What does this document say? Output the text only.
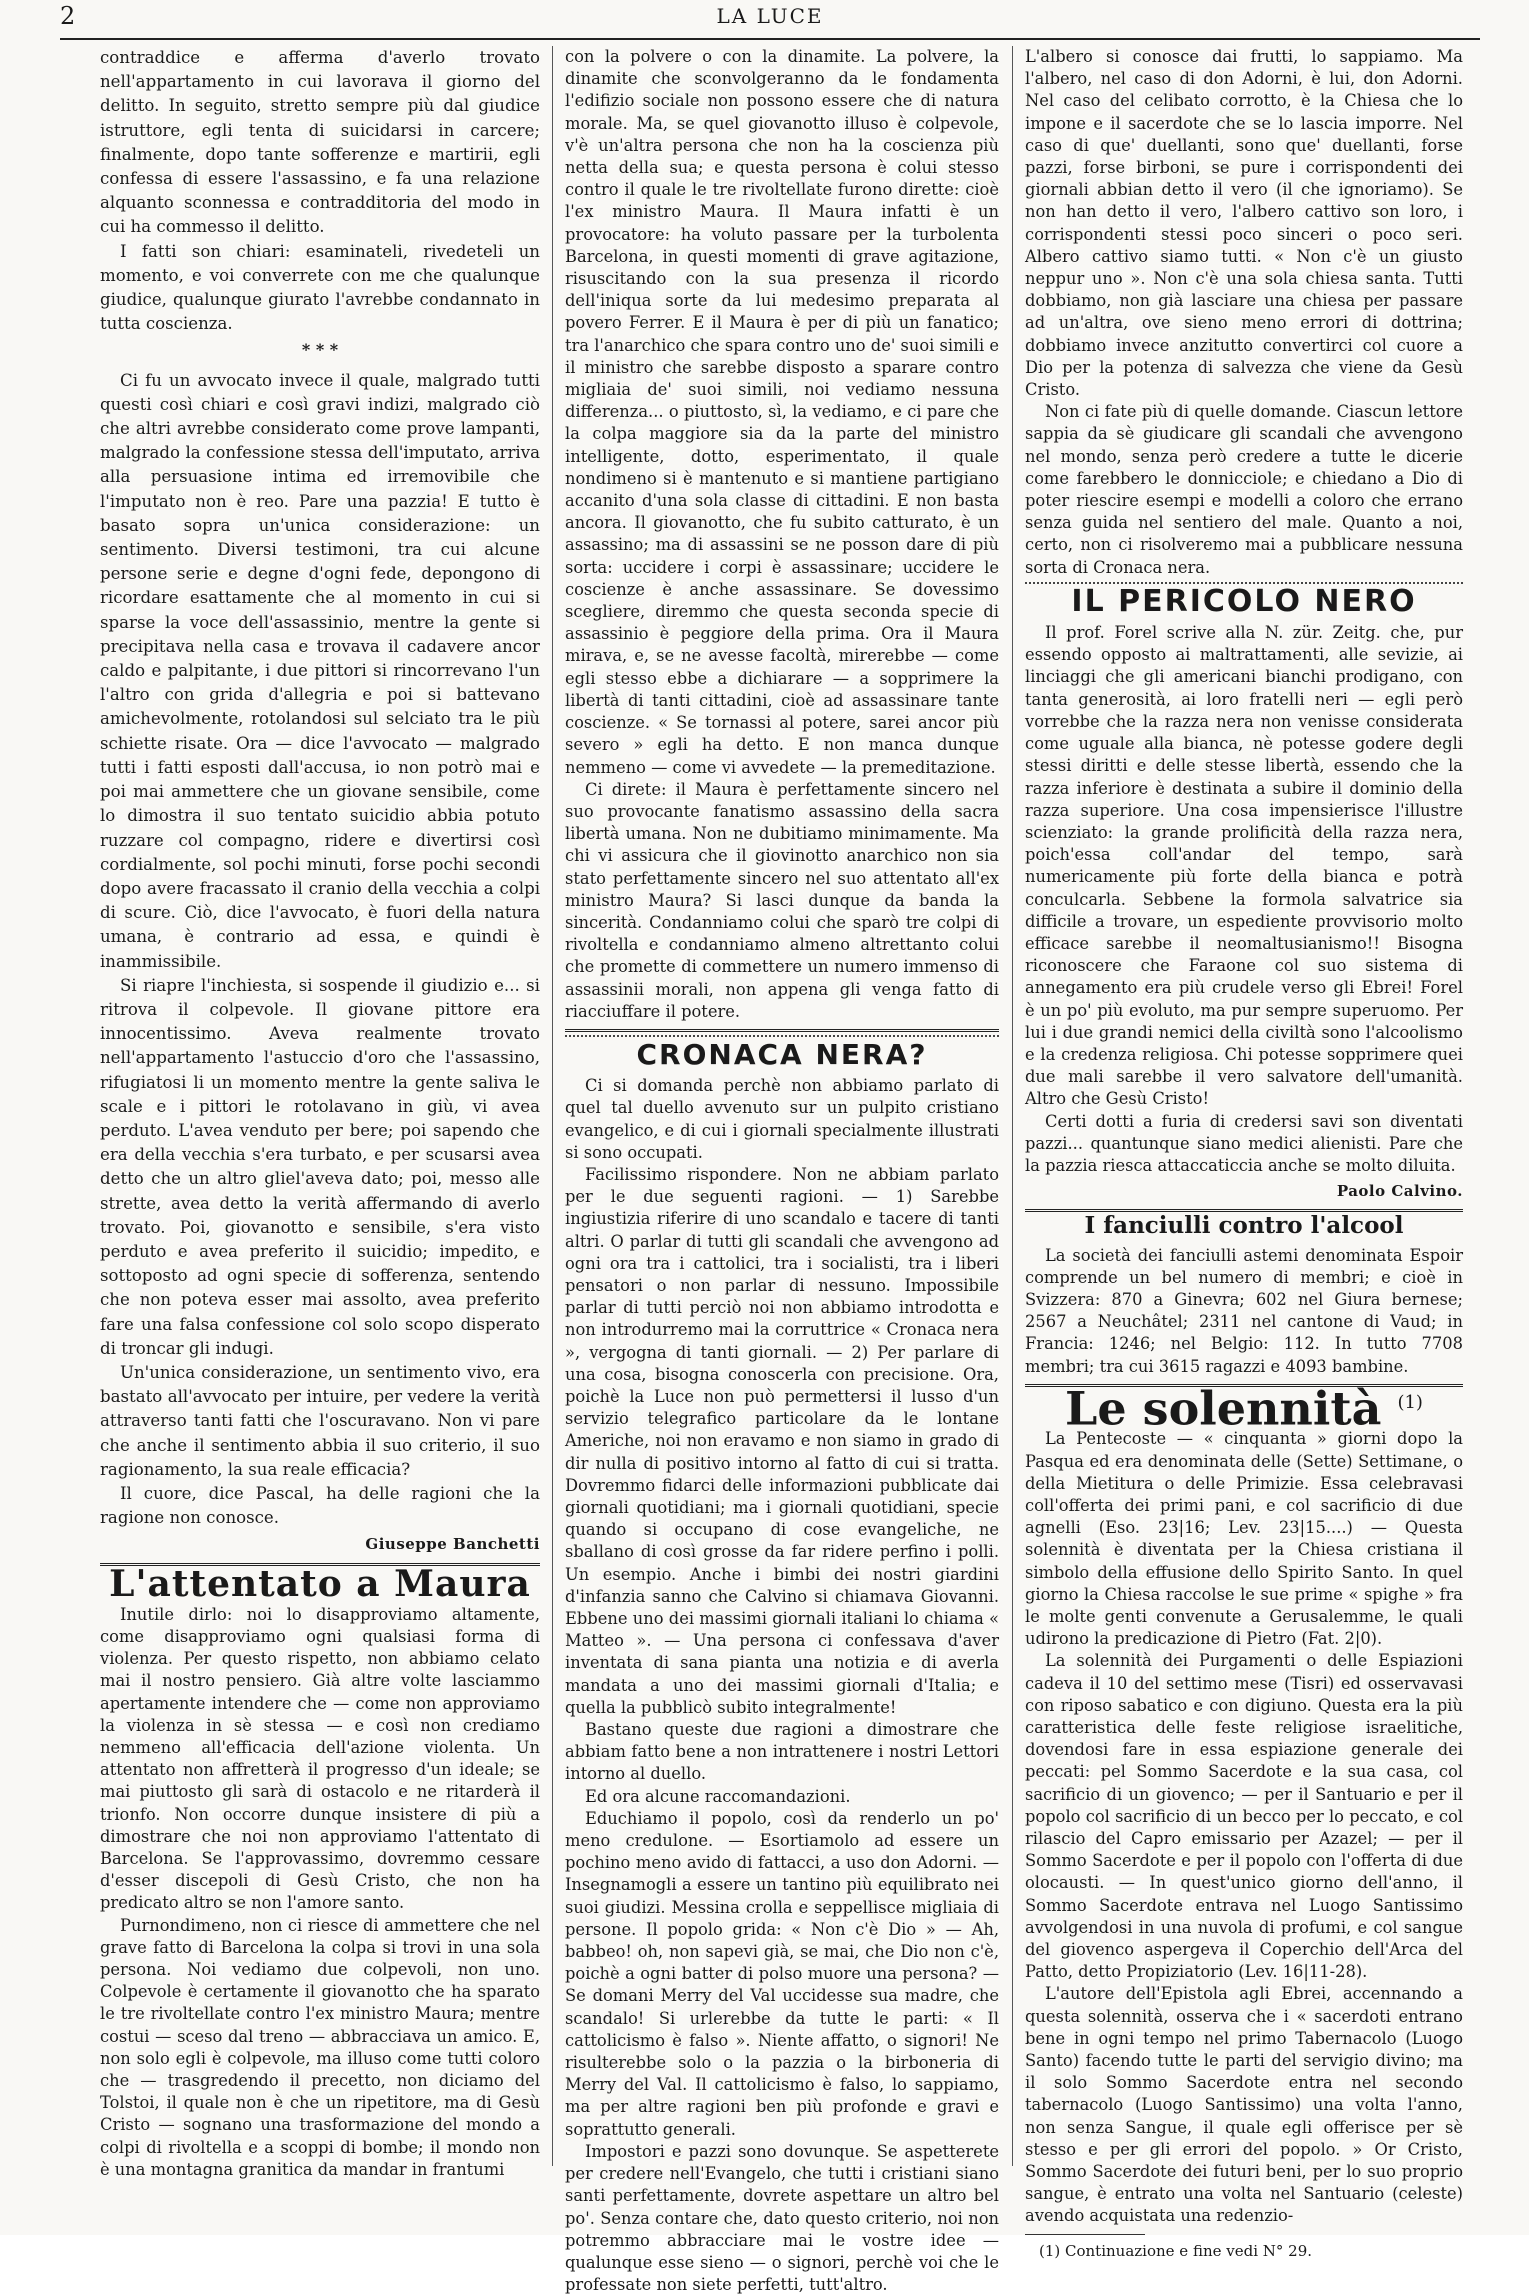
2	LA LUCE

contraddice e afferma d'averlo trovato nell'appartamento in cui lavorava il giorno del delitto. In seguito, stretto sempre più dal giudice istruttore, egli tenta di suicidarsi in carcere; finalmente, dopo tante sofferenze e martirii, egli confessa di essere l'assassino, e fa una relazione alquanto sconnessa e contradditoria del modo in cui ha commesso il delitto.

I fatti son chiari: esaminateli, rivedeteli un momento, e voi converrete con me che qualunque giudice, qualunque giurato l'avrebbe condannato in tutta coscienza.

* * *

Ci fu un avvocato invece il quale, malgrado tutti questi così chiari e così gravi indizi, malgrado ciò che altri avrebbe considerato come prove lampanti, malgrado la confessione stessa dell'imputato, arriva alla persuasione intima ed irremovibile che l'imputato non è reo. Pare una pazzia! E tutto è basato sopra un'unica considerazione: un sentimento. Diversi testimoni, tra cui alcune persone serie e degne d'ogni fede, depongono di ricordare esattamente che al momento in cui si sparse la voce dell'assassinio, mentre la gente si precipitava nella casa e trovava il cadavere ancor caldo e palpitante, i due pittori si rincorrevano l'un l'altro con grida d'allegria e poi si battevano amichevolmente, rotolandosi sul selciato tra le più schiette risate. Ora — dice l'avvocato — malgrado tutti i fatti esposti dall'accusa, io non potrò mai e poi mai ammettere che un giovane sensibile, come lo dimostra il suo tentato suicidio abbia potuto ruzzare col compagno, ridere e divertirsi così cordialmente, sol pochi minuti, forse pochi secondi dopo avere fracassato il cranio della vecchia a colpi di scure. Ciò, dice l'avvocato, è fuori della natura umana, è contrario ad essa, e quindi è inammissibile.

Si riapre l'inchiesta, si sospende il giudizio e... si ritrova il colpevole. Il giovane pittore era innocentissimo. Aveva realmente trovato nell'appartamento l'astuccio d'oro che l'assassino, rifugiatosi li un momento mentre la gente saliva le scale e i pittori le rotolavano in giù, vi avea perduto. L'avea venduto per bere; poi sapendo che era della vecchia s'era turbato, e per scusarsi avea detto che un altro gliel'aveva dato; poi, messo alle strette, avea detto la verità affermando di averlo trovato. Poi, giovanotto e sensibile, s'era visto perduto e avea preferito il suicidio; impedito, e sottoposto ad ogni specie di sofferenza, sentendo che non poteva esser mai assolto, avea preferito fare una falsa confessione col solo scopo disperato di troncar gli indugi.

Un'unica considerazione, un sentimento vivo, era bastato all'avvocato per intuire, per vedere la verità attraverso tanti fatti che l'oscuravano. Non vi pare che anche il sentimento abbia il suo criterio, il suo ragionamento, la sua reale efficacia?

Il cuore, dice Pascal, ha delle ragioni che la ragione non conosce.

Giuseppe Banchetti
L'attentato a Maura

Inutile dirlo: noi lo disapproviamo altamente, come disapproviamo ogni qualsiasi forma di violenza. Per questo rispetto, non abbiamo celato mai il nostro pensiero. Già altre volte lasciammo apertamente intendere che — come non approviamo la violenza in sè stessa — e così non crediamo nemmeno all'efficacia dell'azione violenta. Un attentato non affretterà il progresso d'un ideale; se mai piuttosto gli sarà di ostacolo e ne ritarderà il trionfo. Non occorre dunque insistere di più a dimostrare che noi non approviamo l'attentato di Barcelona. Se l'approvassimo, dovremmo cessare d'esser discepoli di Gesù Cristo, che non ha predicato altro se non l'amore santo.

Purnondimeno, non ci riesce di ammettere che nel grave fatto di Barcelona la colpa si trovi in una sola persona. Noi vediamo due colpevoli, non uno. Colpevole è certamente il giovanotto che ha sparato le tre rivoltellate contro l'ex ministro Maura; mentre costui — sceso dal treno — abbracciava un amico. E, non solo egli è colpevole, ma illuso come tutti coloro che — trasgredendo il precetto, non diciamo del Tolstoi, il quale non è che un ripetitore, ma di Gesù Cristo — sognano una trasformazione del mondo a colpi di rivoltella e a scoppi di bombe; il mondo non è una montagna granitica da mandar in frantumi

con la polvere o con la dinamite. La polvere, la dinamite che sconvolgeranno da le fondamenta l'edifizio sociale non possono essere che di natura morale. Ma, se quel giovanotto illuso è colpevole, v'è un'altra persona che non ha la coscienza più netta della sua; e questa persona è colui stesso contro il quale le tre rivoltellate furono dirette: cioè l'ex ministro Maura. Il Maura infatti è un provocatore: ha voluto passare per la turbolenta Barcelona, in questi momenti di grave agitazione, risuscitando con la sua presenza il ricordo dell'iniqua sorte da lui medesimo preparata al povero Ferrer. E il Maura è per di più un fanatico; tra l'anarchico che spara contro uno de' suoi simili e il ministro che sarebbe disposto a sparare contro migliaia de' suoi simili, noi vediamo nessuna differenza... o piuttosto, sì, la vediamo, e ci pare che la colpa maggiore sia da la parte del ministro intelligente, dotto, esperimentato, il quale nondimeno si è mantenuto e si mantiene partigiano accanito d'una sola classe di cittadini. E non basta ancora. Il giovanotto, che fu subito catturato, è un assassino; ma di assassini se ne posson dare di più sorta: uccidere i corpi è assassinare; uccidere le coscienze è anche assassinare. Se dovessimo scegliere, diremmo che questa seconda specie di assassinio è peggiore della prima. Ora il Maura mirava, e, se ne avesse facoltà, mirerebbe — come egli stesso ebbe a dichiarare — a sopprimere la libertà di tanti cittadini, cioè ad assassinare tante coscienze. « Se tornassi al potere, sarei ancor più severo » egli ha detto. E non manca dunque nemmeno — come vi avvedete — la premeditazione.

Ci direte: il Maura è perfettamente sincero nel suo provocante fanatismo assassino della sacra libertà umana. Non ne dubitiamo minimamente. Ma chi vi assicura che il giovinotto anarchico non sia stato perfettamente sincero nel suo attentato all'ex ministro Maura? Si lasci dunque da banda la sincerità. Condanniamo colui che sparò tre colpi di rivoltella e condanniamo almeno altrettanto colui che promette di commettere un numero immenso di assassinii morali, non appena gli venga fatto di riacciuffare il potere.

CRONACA NERA?

Ci si domanda perchè non abbiamo parlato di quel tal duello avvenuto sur un pulpito cristiano evangelico, e di cui i giornali specialmente illustrati si sono occupati.

Facilissimo rispondere. Non ne abbiam parlato per le due seguenti ragioni. — 1) Sarebbe ingiustizia riferire di uno scandalo e tacere di tanti altri. O parlar di tutti gli scandali che avvengono ad ogni ora tra i cattolici, tra i socialisti, tra i liberi pensatori o non parlar di nessuno. Impossibile parlar di tutti perciò noi non abbiamo introdotta e non introdurremo mai la corruttrice « Cronaca nera », vergogna di tanti giornali. — 2) Per parlare di una cosa, bisogna conoscerla con precisione. Ora, poichè la Luce non può permettersi il lusso d'un servizio telegrafico particolare da le lontane Americhe, noi non eravamo e non siamo in grado di dir nulla di positivo intorno al fatto di cui si tratta. Dovremmo fidarci delle informazioni pubblicate dai giornali quotidiani; ma i giornali quotidiani, specie quando si occupano di cose evangeliche, ne sballano di così grosse da far ridere perfino i polli. Un esempio. Anche i bimbi dei nostri giardini d'infanzia sanno che Calvino si chiamava Giovanni. Ebbene uno dei massimi giornali italiani lo chiama « Matteo ». — Una persona ci confessava d'aver inventata di sana pianta una notizia e di averla mandata a uno dei massimi giornali d'Italia; e quella la pubblicò subito integralmente!

Bastano queste due ragioni a dimostrare che abbiam fatto bene a non intrattenere i nostri Lettori intorno al duello.

Ed ora alcune raccomandazioni.

Educhiamo il popolo, così da renderlo un po' meno credulone. — Esortiamolo ad essere un pochino meno avido di fattacci, a uso don Adorni. — Insegnamogli a essere un tantino più equilibrato nei suoi giudizi. Messina crolla e seppellisce migliaia di persone. Il popolo grida: « Non c'è Dio » — Ah, babbeo! oh, non sapevi già, se mai, che Dio non c'è, poichè a ogni batter di polso muore una persona? — Se domani Merry del Val uccidesse sua madre, che scandalo! Si urlerebbe da tutte le parti: « Il cattolicismo è falso ». Niente affatto, o signori! Ne risulterebbe solo o la pazzia o la birboneria di Merry del Val. Il cattolicismo è falso, lo sappiamo, ma per altre ragioni ben più profonde e gravi e soprattutto generali.

Impostori e pazzi sono dovunque. Se aspetterete per credere nell'Evangelo, che tutti i cristiani siano santi perfettamente, dovrete aspettare un altro bel po'. Senza contare che, dato questo criterio, noi non potremmo abbracciare mai le vostre idee — qualunque esse sieno — o signori, perchè voi che le professate non siete perfetti, tutt'altro.

L'albero si conosce dai frutti, lo sappiamo. Ma l'albero, nel caso di don Adorni, è lui, don Adorni. Nel caso del celibato corrotto, è la Chiesa che lo impone e il sacerdote che se lo lascia imporre. Nel caso di que' duellanti, sono que' duellanti, forse pazzi, forse birboni, se pure i corrispondenti dei giornali abbian detto il vero (il che ignoriamo). Se non han detto il vero, l'albero cattivo son loro, i corrispondenti stessi poco sinceri o poco seri. Albero cattivo siamo tutti. « Non c'è un giusto neppur uno ». Non c'è una sola chiesa santa. Tutti dobbiamo, non già lasciare una chiesa per passare ad un'altra, ove sieno meno errori di dottrina; dobbiamo invece anzitutto convertirci col cuore a Dio per la potenza di salvezza che viene da Gesù Cristo.

Non ci fate più di quelle domande. Ciascun lettore sappia da sè giudicare gli scandali che avvengono nel mondo, senza però credere a tutte le dicerie come farebbero le donnicciole; e chiedano a Dio di poter riescire esempi e modelli a coloro che errano senza guida nel sentiero del male. Quanto a noi, certo, non ci risolveremo mai a pubblicare nessuna sorta di Cronaca nera.

IL PERICOLO NERO

Il prof. Forel scrive alla N. zür. Zeitg. che, pur essendo opposto ai maltrattamenti, alle sevizie, ai linciaggi che gli americani bianchi prodigano, con tanta generosità, ai loro fratelli neri — egli però vorrebbe che la razza nera non venisse considerata come uguale alla bianca, nè potesse godere degli stessi diritti e delle stesse libertà, essendo che la razza inferiore è destinata a subire il dominio della razza superiore. Una cosa impensierisce l'illustre scienziato: la grande prolificità della razza nera, poich'essa coll'andar del tempo, sarà numericamente più forte della bianca e potrà conculcarla. Sebbene la formola salvatrice sia difficile a trovare, un espediente provvisorio molto efficace sarebbe il neomaltusianismo!! Bisogna riconoscere che Faraone col suo sistema di annegamento era più crudele verso gli Ebrei! Forel è un po' più evoluto, ma pur sempre superuomo. Per lui i due grandi nemici della civiltà sono l'alcoolismo e la credenza religiosa. Chi potesse sopprimere quei due mali sarebbe il vero salvatore dell'umanità. Altro che Gesù Cristo!

Certi dotti a furia di credersi savi son diventati pazzi... quantunque siano medici alienisti. Pare che la pazzia riesca attaccaticcia anche se molto diluita.

Paolo Calvino.
I fanciulli contro l'alcool

La società dei fanciulli astemi denominata Espoir comprende un bel numero di membri; e cioè in Svizzera: 870 a Ginevra; 602 nel Giura bernese; 2567 a Neuchâtel; 2311 nel cantone di Vaud; in Francia: 1246; nel Belgio: 112. In tutto 7708 membri; tra cui 3615 ragazzi e 4093 bambine.

Le solennità $^{(1)}$

La Pentecoste — « cinquanta » giorni dopo la Pasqua ed era denominata delle (Sette) Settimane, o della Mietitura o delle Primizie. Essa celebravasi coll'offerta dei primi pani, e col sacrificio di due agnelli (Eso. 23|16; Lev. 23|15....) — Questa solennità è diventata per la Chiesa cristiana il simbolo della effusione dello Spirito Santo. In quel giorno la Chiesa raccolse le sue prime « spighe » fra le molte genti convenute a Gerusalemme, le quali udirono la predicazione di Pietro (Fat. 2|0).

La solennità dei Purgamenti o delle Espiazioni cadeva il 10 del settimo mese (Tisri) ed osservavasi con riposo sabatico e con digiuno. Questa era la più caratteristica delle feste religiose israelitiche, dovendosi fare in essa espiazione generale dei peccati: pel Sommo Sacerdote e la sua casa, col sacrificio di un giovenco; — per il Santuario e per il popolo col sacrificio di un becco per lo peccato, e col rilascio del Capro emissario per Azazel; — per il Sommo Sacerdote e per il popolo con l'offerta di due olocausti. — In quest'unico giorno dell'anno, il Sommo Sacerdote entrava nel Luogo Santissimo avvolgendosi in una nuvola di profumi, e col sangue del giovenco aspergeva il Coperchio dell'Arca del Patto, detto Propiziatorio (Lev. 16|11-28).

L'autore dell'Epistola agli Ebrei, accennando a questa solennità, osserva che i « sacerdoti entrano bene in ogni tempo nel primo Tabernacolo (Luogo Santo) facendo tutte le parti del servigio divino; ma il solo Sommo Sacerdote entra nel secondo tabernacolo (Luogo Santissimo) una volta l'anno, non senza Sangue, il quale egli offerisce per sè stesso e per gli errori del popolo. » Or Cristo, Sommo Sacerdote dei futuri beni, per lo suo proprio sangue, è entrato una volta nel Santuario (celeste) avendo acquistata una redenzio-

(1) Continuazione e fine vedi N° 29.
